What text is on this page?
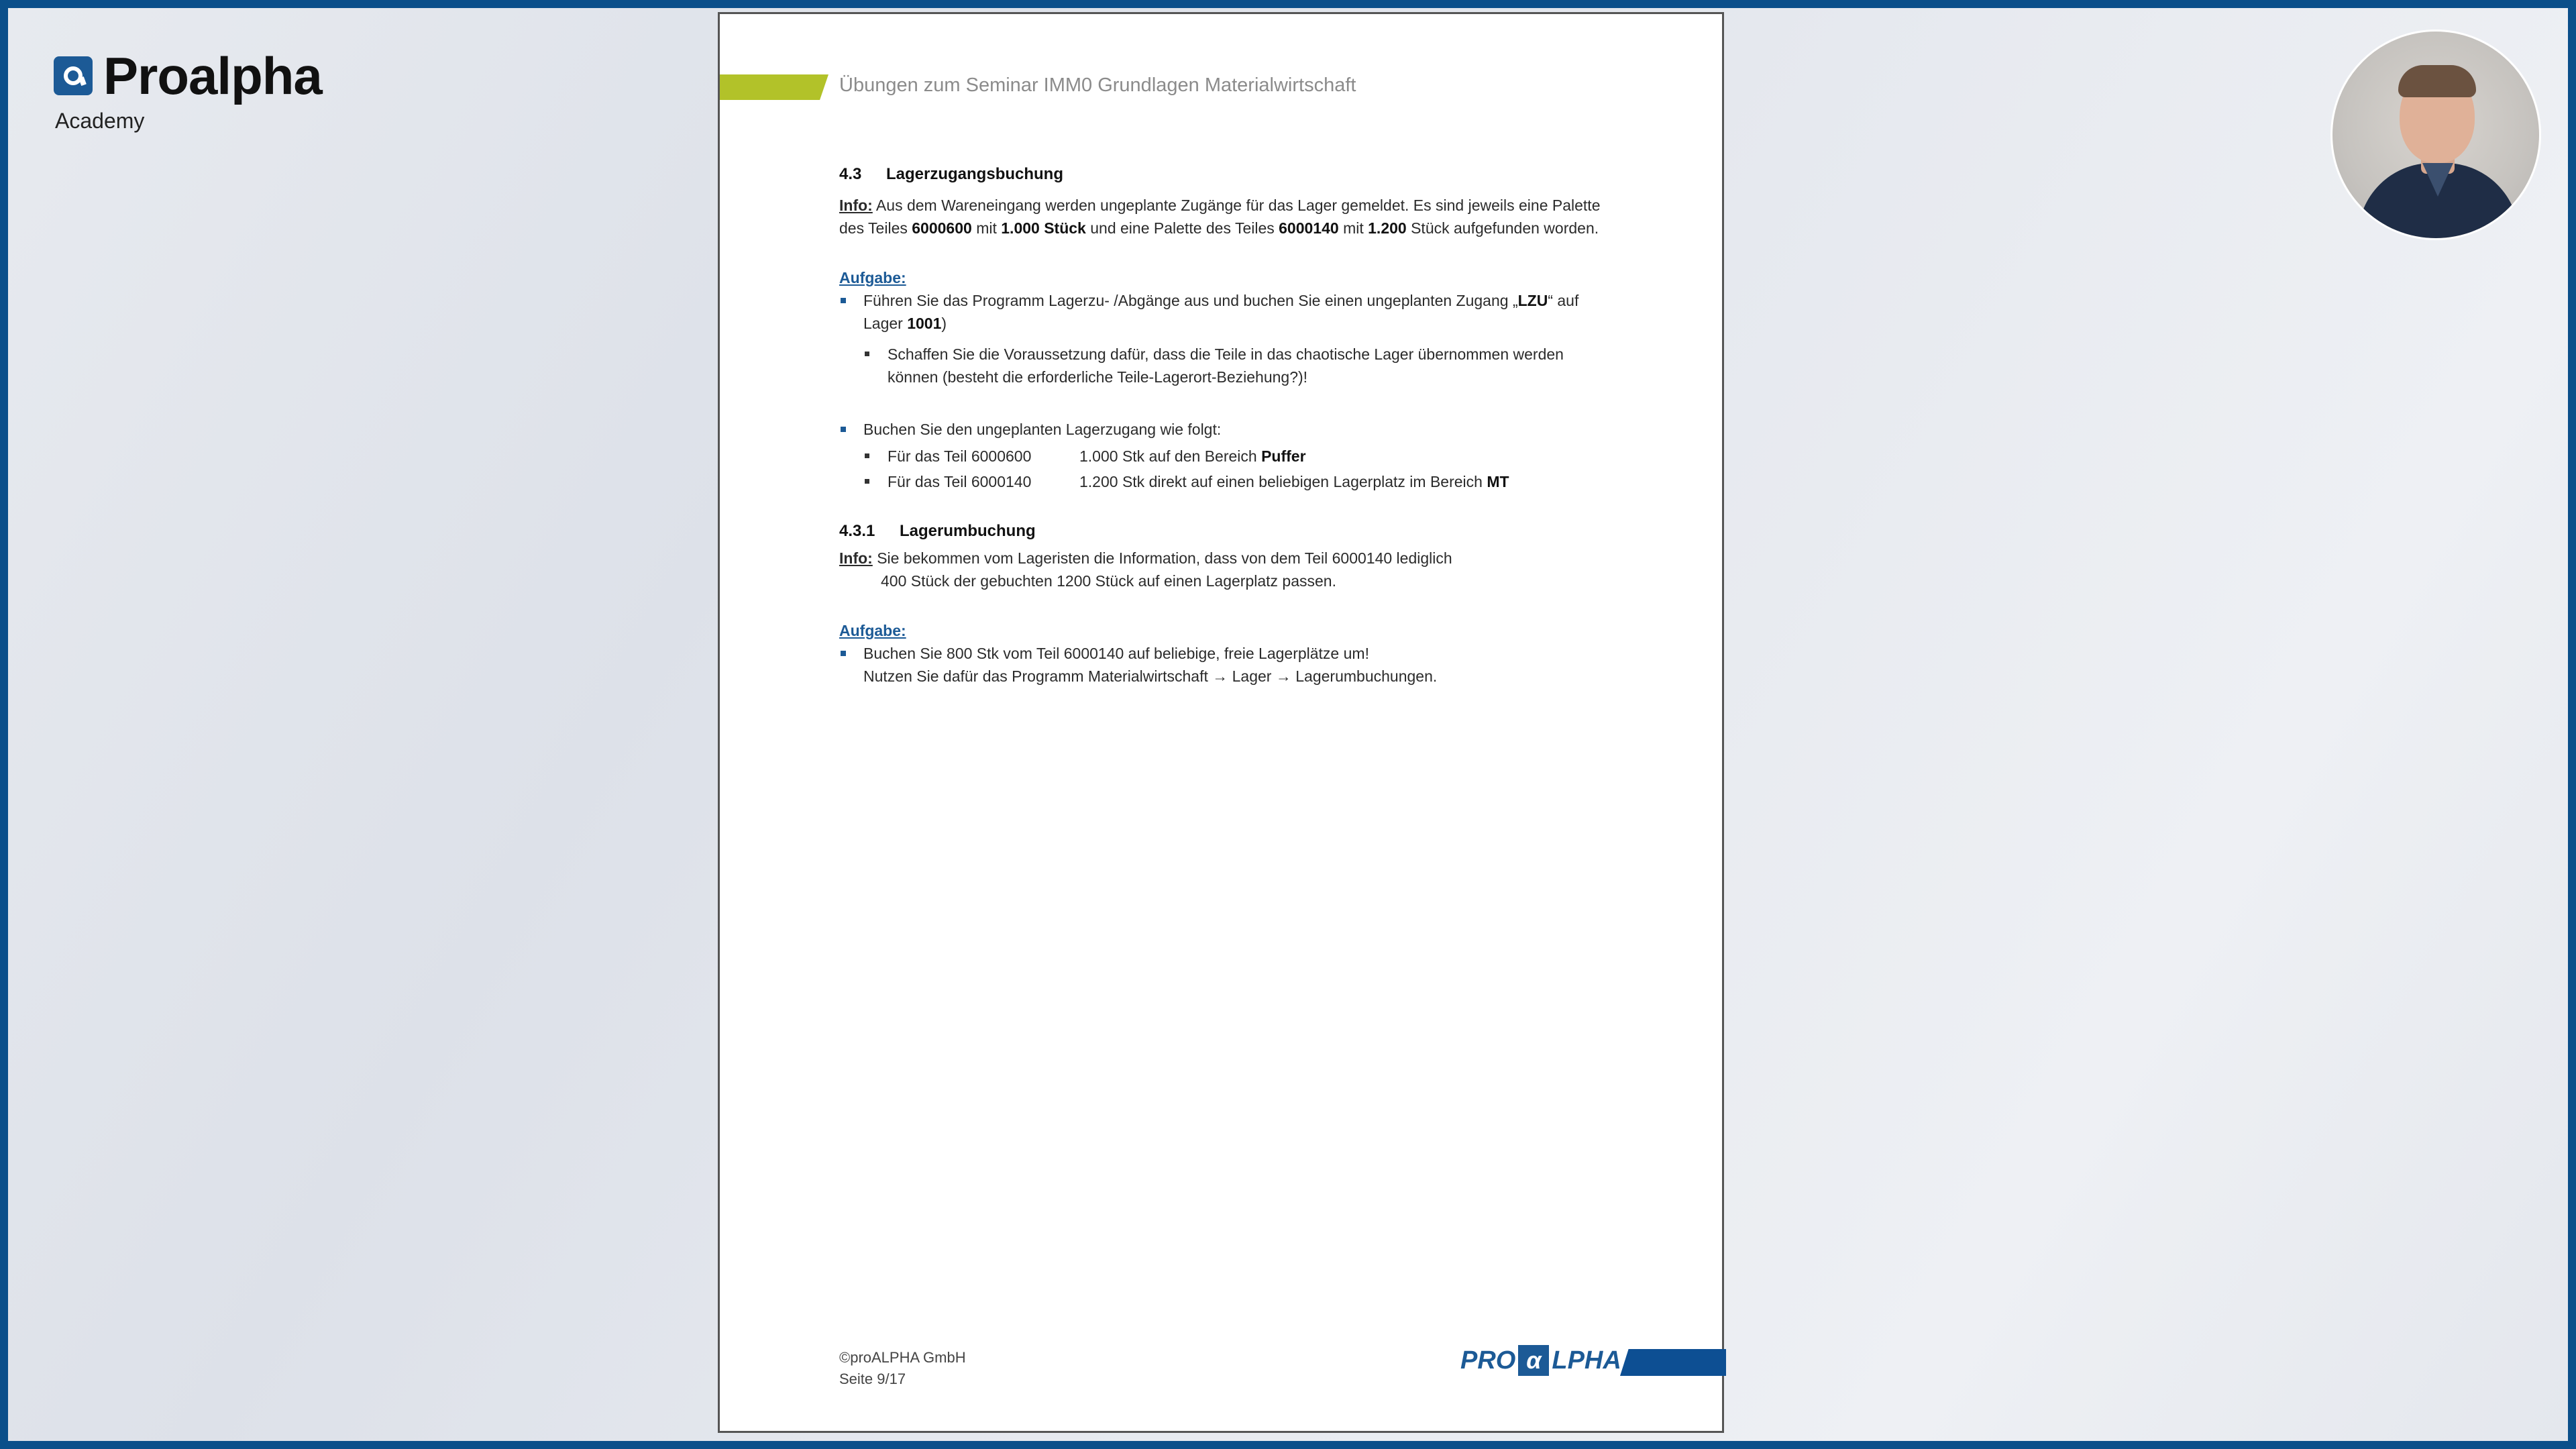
Proalpha
Academy
Übungen zum Seminar IMM0 Grundlagen Materialwirtschaft
4.3 Lagerzugangsbuchung
Info: Aus dem Wareneingang werden ungeplante Zugänge für das Lager gemeldet. Es sind jeweils eine Palette des Teiles 6000600 mit 1.000 Stück und eine Palette des Teiles 6000140 mit 1.200 Stück aufgefunden worden.
Aufgabe:
Führen Sie das Programm Lagerzu- /Abgänge aus und buchen Sie einen ungeplanten Zugang „LZU“ auf Lager 1001)
Schaffen Sie die Voraussetzung dafür, dass die Teile in das chaotische Lager übernommen werden können (besteht die erforderliche Teile-Lagerort-Beziehung?)!
Buchen Sie den ungeplanten Lagerzugang wie folgt:
Für das Teil 6000600	1.000 Stk auf den Bereich Puffer
Für das Teil 6000140	1.200 Stk direkt auf einen beliebigen Lagerplatz im Bereich MT
4.3.1 Lagerumbuchung
Info: Sie bekommen vom Lageristen die Information, dass von dem Teil 6000140 lediglich
400 Stück der gebuchten 1200 Stück auf einen Lagerplatz passen.
Aufgabe:
Buchen Sie 800 Stk vom Teil 6000140 auf beliebige, freie Lagerplätze um!
Nutzen Sie dafür das Programm Materialwirtschaft → Lager → Lagerumbuchungen.
©proALPHA GmbH
Seite 9/17
PRO α LPHA
